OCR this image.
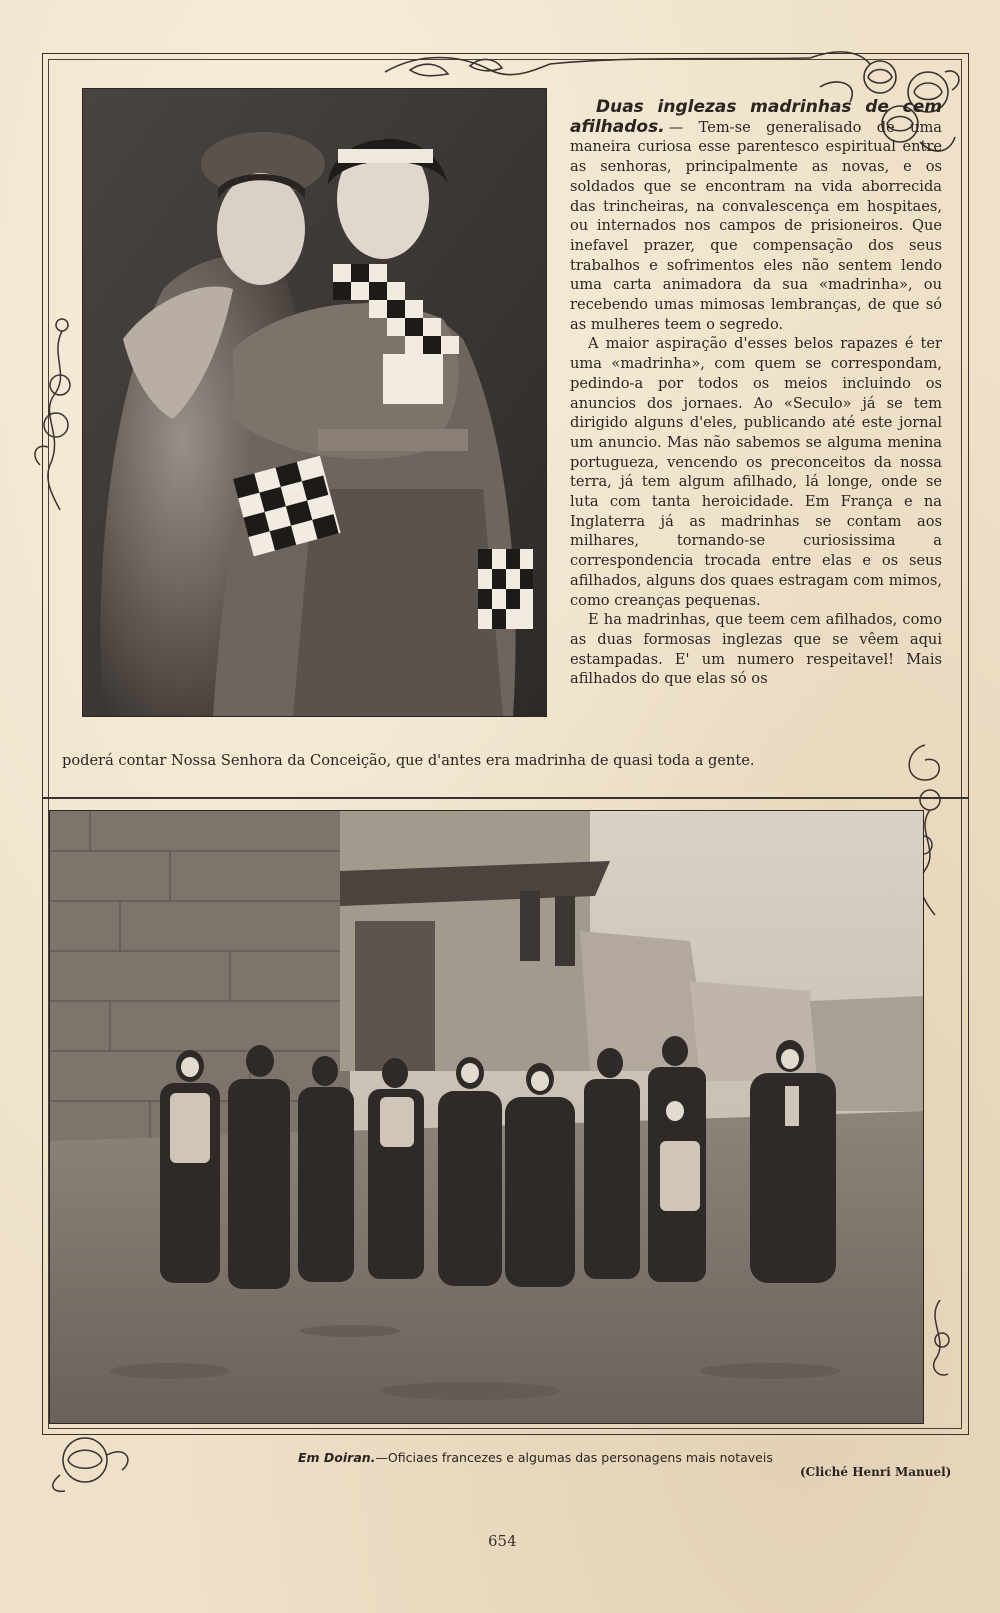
Duas inglezas madrinhas de cem afilhados. — Tem-se generalisado de uma maneira curiosa esse parentesco espiritual entre as senhoras, principalmente as novas, e os soldados que se encontram na vida aborrecida das trincheiras, na convalescença em hospitaes, ou internados nos campos de prisioneiros. Que inefavel prazer, que compensação dos seus trabalhos e sofrimentos eles não sentem lendo uma carta animadora da sua «madrinha», ou recebendo umas mimosas lembranças, de que só as mulheres teem o segredo.

A maior aspiração d'esses belos rapazes é ter uma «madrinha», com quem se correspondam, pedindo-a por todos os meios incluindo os anuncios dos jornaes. Ao «Seculo» já se tem dirigido alguns d'eles, publicando até este jornal um anuncio. Mas não sabemos se alguma menina portugueza, vencendo os preconceitos da nossa terra, já tem algum afilhado, lá longe, onde se luta com tanta heroicidade. Em França e na Inglaterra já as madrinhas se contam aos milhares, tornando-se curiosissima a correspondencia trocada entre elas e os seus afilhados, alguns dos quaes estragam com mimos, como creanças pequenas.

E ha madrinhas, que teem cem afilhados, como as duas formosas inglezas que se vêem aqui estampadas. E' um numero respeitavel! Mais afilhados do que elas só os

poderá contar Nossa Senhora da Conceição, que d'antes era madrinha de quasi toda a gente.
Em Doiran.—Oficiaes francezes e algumas das personagens mais notaveis
(Cliché Henri Manuel)
654
